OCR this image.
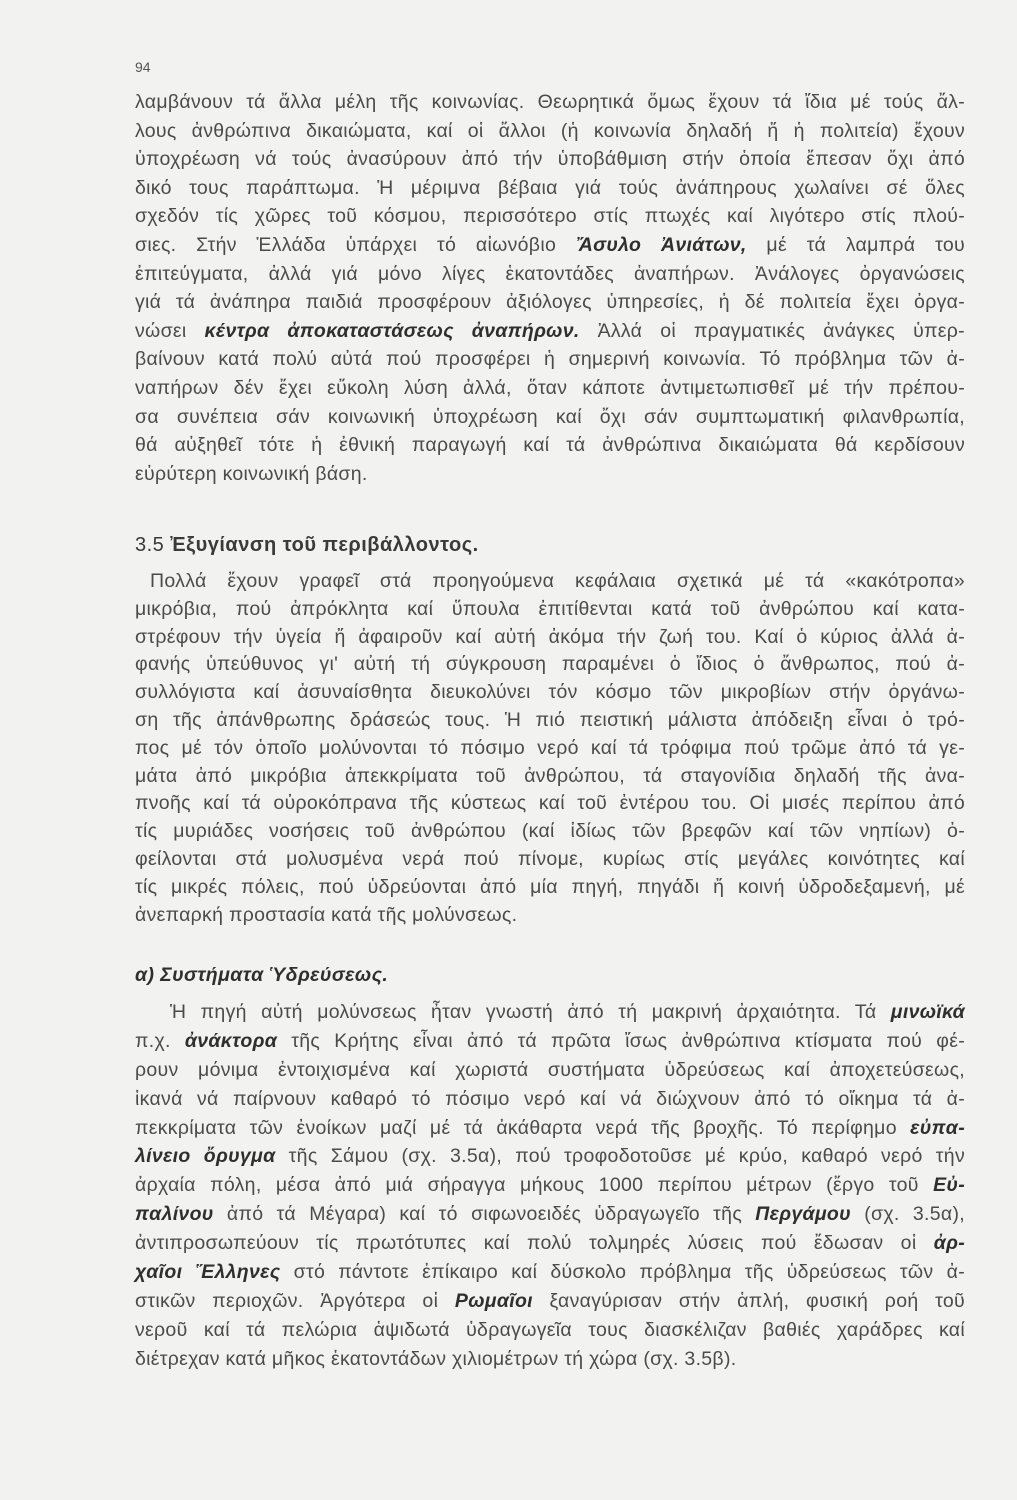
94
λαμβάνουν τά ἄλλα μέλη τῆς κοινωνίας. Θεωρητικά ὅμως ἔχουν τά ἴδια μέ τούς ἄλ-
λους ἀνθρώπινα δικαιώματα, καί οἱ ἄλλοι (ἡ κοινωνία δηλαδή ἤ ἡ πολιτεία) ἔχουν
ὑποχρέωση νά τούς ἀνασύρουν ἀπό τήν ὑποβάθμιση στήν ὁποία ἔπεσαν ὄχι ἀπό
δικό τους παράπτωμα. Ἡ μέριμνα βέβαια γιά τούς ἀνάπηρους χωλαίνει σέ ὅλες
σχεδόν τίς χῶρες τοῦ κόσμου, περισσότερο στίς πτωχές καί λιγότερο στίς πλού-
σιες. Στήν Ἑλλάδα ὑπάρχει τό αἰωνόβιο Ἄσυλο Ἀνιάτων, μέ τά λαμπρά του
ἐπιτεύγματα, ἀλλά γιά μόνο λίγες ἑκατοντάδες ἀναπήρων. Ἀνάλογες ὀργανώσεις
γιά τά ἀνάπηρα παιδιά προσφέρουν ἀξιόλογες ὑπηρεσίες, ἡ δέ πολιτεία ἔχει ὀργα-
νώσει κέντρα ἀποκαταστάσεως ἀναπήρων. Ἀλλά οἱ πραγματικές ἀνάγκες ὑπερ-
βαίνουν κατά πολύ αὐτά πού προσφέρει ἡ σημερινή κοινωνία. Τό πρόβλημα τῶν ἀ-
ναπήρων δέν ἔχει εὔκολη λύση ἀλλά, ὅταν κάποτε ἀντιμετωπισθεῖ μέ τήν πρέπου-
σα συνέπεια σάν κοινωνική ὑποχρέωση καί ὄχι σάν συμπτωματική φιλανθρωπία,
θά αὐξηθεῖ τότε ἡ ἐθνική παραγωγή καί τά ἀνθρώπινα δικαιώματα θά κερδίσουν
εὐρύτερη κοινωνική βάση.
3.5 Ἐξυγίανση τοῦ περιβάλλοντος.
Πολλά ἔχουν γραφεῖ στά προηγούμενα κεφάλαια σχετικά μέ τά «κακότροπα»
μικρόβια, πού ἀπρόκλητα καί ὕπουλα ἐπιτίθενται κατά τοῦ ἀνθρώπου καί κατα-
στρέφουν τήν ὑγεία ἤ ἀφαιροῦν καί αὐτή ἀκόμα τήν ζωή του. Καί ὁ κύριος ἀλλά ἀ-
φανής ὑπεύθυνος γι' αὐτή τή σύγκρουση παραμένει ὁ ἴδιος ὁ ἄνθρωπος, πού ἀ-
συλλόγιστα καί ἀσυναίσθητα διευκολύνει τόν κόσμο τῶν μικροβίων στήν ὀργάνω-
ση τῆς ἀπάνθρωπης δράσεώς τους. Ἡ πιό πειστική μάλιστα ἀπόδειξη εἶναι ὁ τρό-
πος μέ τόν ὁποῖο μολύνονται τό πόσιμο νερό καί τά τρόφιμα πού τρῶμε ἀπό τά γε-
μάτα ἀπό μικρόβια ἀπεκκρίματα τοῦ ἀνθρώπου, τά σταγονίδια δηλαδή τῆς ἀνα-
πνοῆς καί τά οὐροκόπρανα τῆς κύστεως καί τοῦ ἐντέρου του. Οἱ μισές περίπου ἀπό
τίς μυριάδες νοσήσεις τοῦ ἀνθρώπου (καί ἰδίως τῶν βρεφῶν καί τῶν νηπίων) ὀ-
φείλονται στά μολυσμένα νερά πού πίνομε, κυρίως στίς μεγάλες κοινότητες καί
τίς μικρές πόλεις, πού ὑδρεύονται ἀπό μία πηγή, πηγάδι ἤ κοινή ὑδροδεξαμενή, μέ
ἀνεπαρκή προστασία κατά τῆς μολύνσεως.
α) Συστήματα Ὑδρεύσεως.
Ἡ πηγή αὐτή μολύνσεως ἦταν γνωστή ἀπό τή μακρινή ἀρχαιότητα. Τά μινωϊκά
π.χ. ἀνάκτορα τῆς Κρήτης εἶναι ἀπό τά πρῶτα ἴσως ἀνθρώπινα κτίσματα πού φέ-
ρουν μόνιμα ἐντοιχισμένα καί χωριστά συστήματα ὑδρεύσεως καί ἀποχετεύσεως,
ἱκανά νά παίρνουν καθαρό τό πόσιμο νερό καί νά διώχνουν ἀπό τό οἴκημα τά ἀ-
πεκκρίματα τῶν ἐνοίκων μαζί μέ τά ἀκάθαρτα νερά τῆς βροχῆς. Τό περίφημο εὐπα-
λίνειο ὄρυγμα τῆς Σάμου (σχ. 3.5α), πού τροφοδοτοῦσε μέ κρύο, καθαρό νερό τήν
ἀρχαία πόλη, μέσα ἀπό μιά σήραγγα μήκους 1000 περίπου μέτρων (ἔργο τοῦ Εὐ-
παλίνου ἀπό τά Μέγαρα) καί τό σιφωνοειδές ὑδραγωγεῖο τῆς Περγάμου (σχ. 3.5α),
ἀντιπροσωπεύουν τίς πρωτότυπες καί πολύ τολμηρές λύσεις πού ἔδωσαν οἱ ἀρ-
χαῖοι Ἕλληνες στό πάντοτε ἐπίκαιρο καί δύσκολο πρόβλημα τῆς ὑδρεύσεως τῶν ἀ-
στικῶν περιοχῶν. Ἀργότερα οἱ Ρωμαῖοι ξαναγύρισαν στήν ἁπλή, φυσική ροή τοῦ
νεροῦ καί τά πελώρια ἁψιδωτά ὑδραγωγεῖα τους διασκέλιζαν βαθιές χαράδρες καί
διέτρεχαν κατά μῆκος ἑκατοντάδων χιλιομέτρων τή χώρα (σχ. 3.5β).
